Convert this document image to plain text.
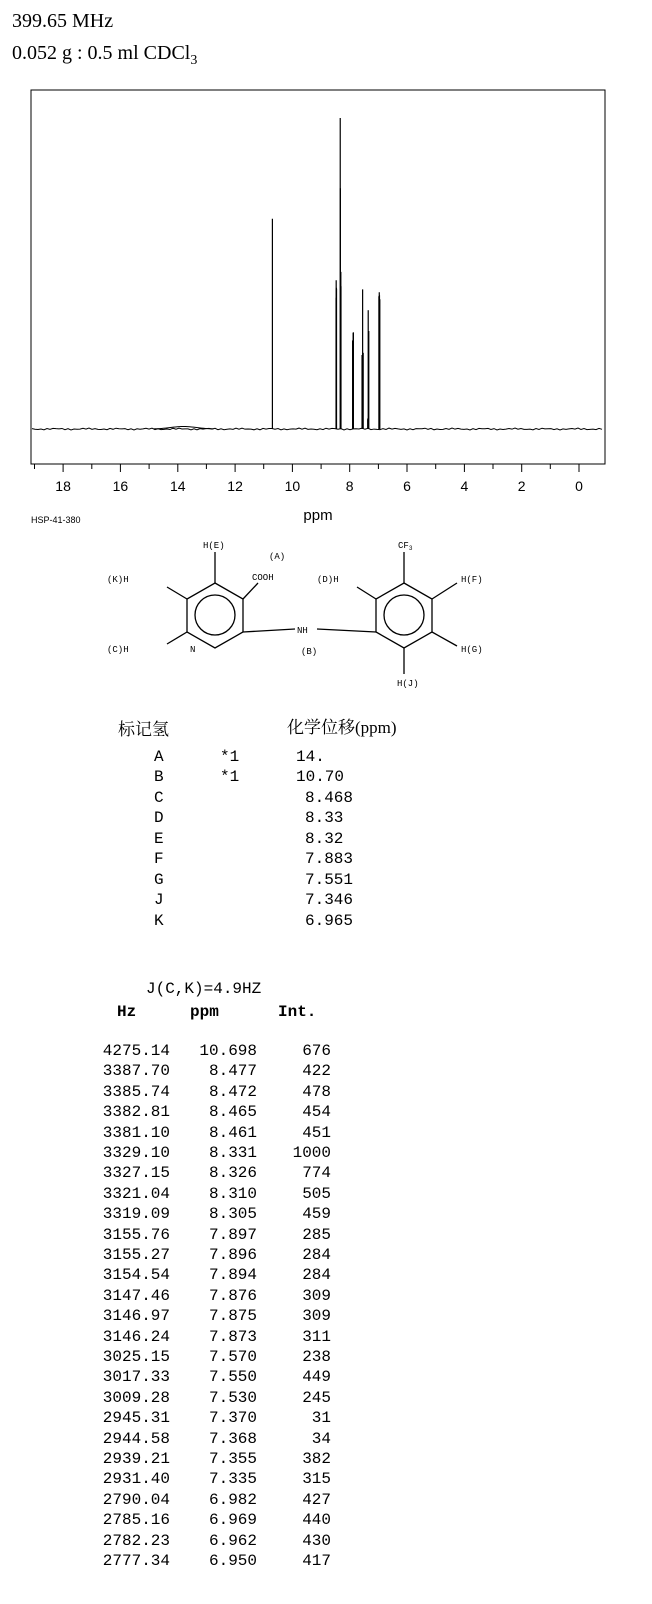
399.65 MHz
0.052 g : 0.5 ml CDCl$_3$
18	16	14	12	10	8	6	4	2	0
ppm
HSP-41-380
H(E)
(A)
COOH
(K)H	(D)H
$CF_3$
H(F)
(C)H	N
NH
(B)	H(G)
H(J)
标记氢	化学位移(ppm)
A	*1	14.
B	*1	10.70
C	8.468
D	8.33
E	8.32
F	7.883
G	7.551
J	7.346
K	6.965
J(C,K)=4.9HZ
Hz	ppm	Int.
4275.14 10.698	676
3387.70 8.477	422
3385.74 8.472	478
3382.81 8.465	454
3381.10 8.461	451
3329.10 8.331 1000
3327.15 8.326	774
3321.04 8.310	505
3319.09 8.305	459
3155.76 7.897	285
3155.27 7.896	284
3154.54 7.894	284
3147.46 7.876	309
3146.97 7.875	309
3146.24 7.873	311
3025.15 7.570	238
3017.33 7.550	449
3009.28 7.530	245
2945.31 7.370	31
2944.58 7.368	34
2939.21 7.355	382
2931.40 7.335	315
2790.04 6.982	427
2785.16 6.969	440
2782.23 6.962	430
2777.34 6.950	417
